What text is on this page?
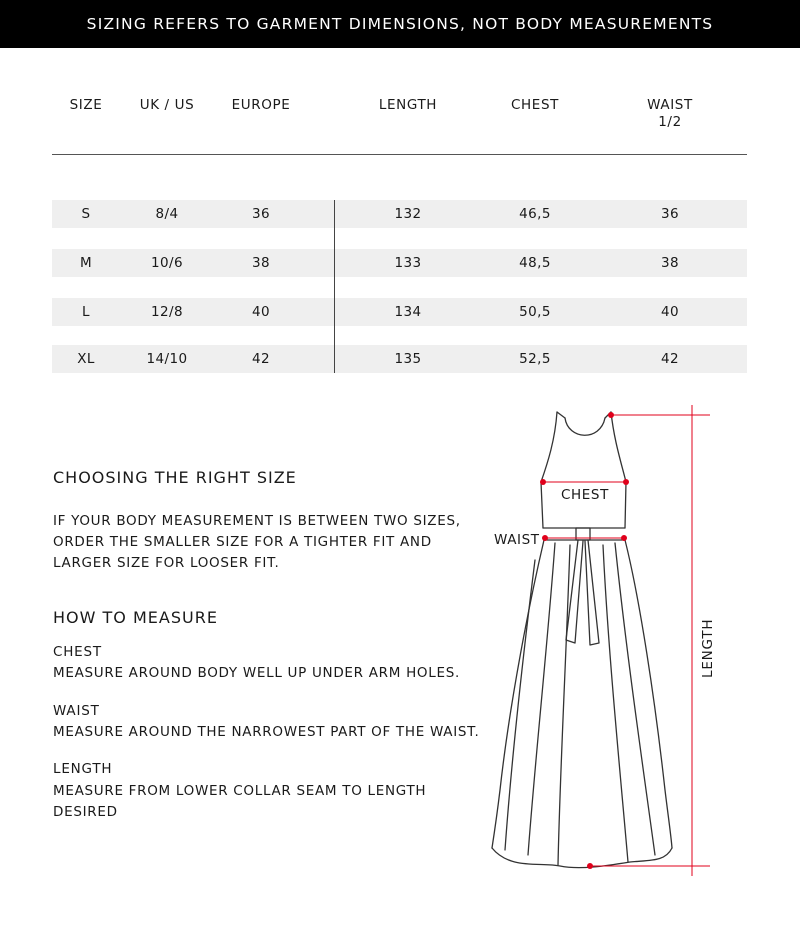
SIZING REFERS TO GARMENT DIMENSIONS, NOT BODY MEASUREMENTS
SIZE	UK / US	EUROPE	LENGTH	CHEST	WAIST
1/2
S	8/4	36	132	46,5	36
M	10/6	38	133	48,5	38
L	12/8	40	134	50,5	40
XL	14/10	42	135	52,5	42
CHOOSING THE RIGHT SIZE
IF YOUR BODY MEASUREMENT IS BETWEEN TWO SIZES,
ORDER THE SMALLER SIZE FOR A TIGHTER FIT AND
LARGER SIZE FOR LOOSER FIT.
HOW TO MEASURE
CHEST
MEASURE AROUND BODY WELL UP UNDER ARM HOLES.
WAIST
MEASURE AROUND THE NARROWEST PART OF THE WAIST.
LENGTH
MEASURE FROM LOWER COLLAR SEAM TO LENGTH
DESIRED
CHEST
WAIST
LENGTH
